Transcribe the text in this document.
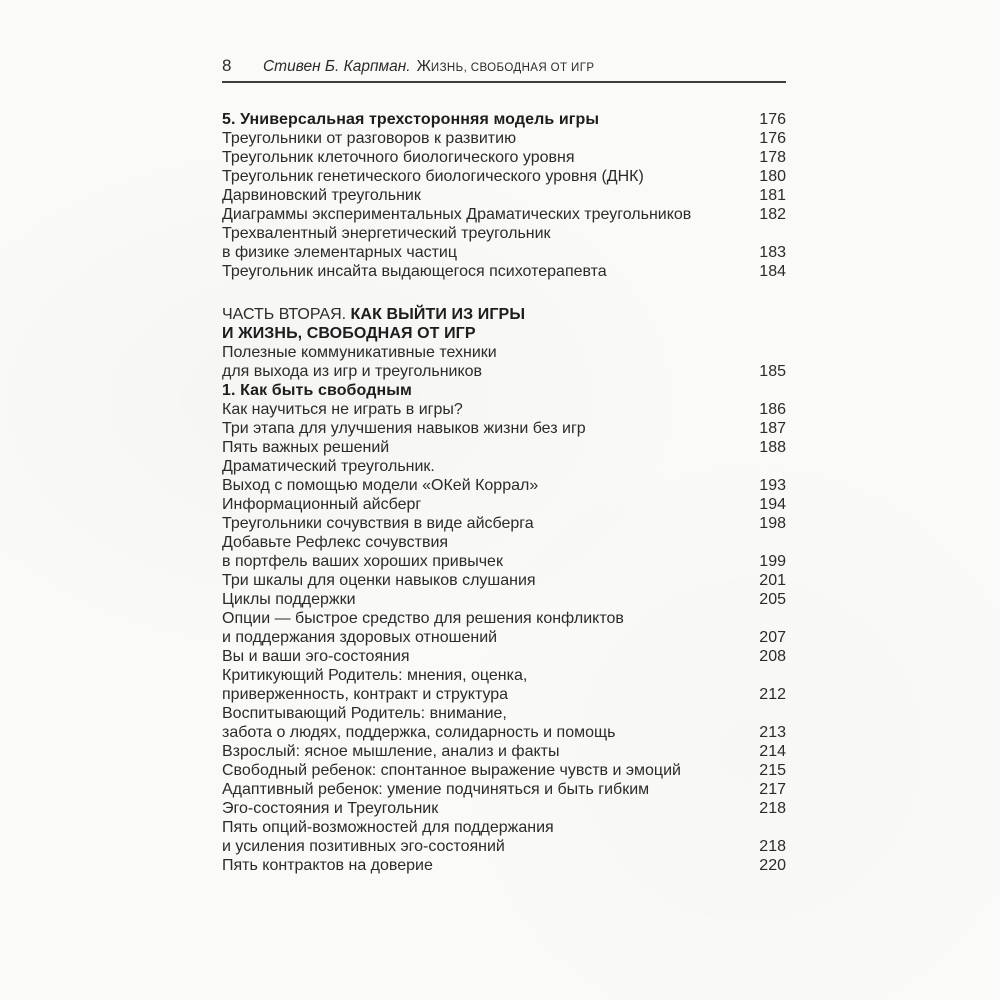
8 Стивен Б. Карпман. ЖИЗНЬ, СВОБОДНАЯ ОТ ИГР
5. Универсальная трехсторонняя модель игры	176
Треугольники от разговоров к развитию	176
Треугольник клеточного биологического уровня	178
Треугольник генетического биологического уровня (ДНК)	180
Дарвиновский треугольник	181
Диаграммы экспериментальных Драматических треугольников	182
Трехвалентный энергетический треугольник
в физике элементарных частиц	183
Треугольник инсайта выдающегося психотерапевта	184
ЧАСТЬ ВТОРАЯ. КАК ВЫЙТИ ИЗ ИГРЫ
И ЖИЗНЬ, СВОБОДНАЯ ОТ ИГР
Полезные коммуникативные техники
для выхода из игр и треугольников	185
1. Как быть свободным
Как научиться не играть в игры?	186
Три этапа для улучшения навыков жизни без игр	187
Пять важных решений	188
Драматический треугольник.
Выход с помощью модели «ОКей Коррал»	193
Информационный айсберг	194
Треугольники сочувствия в виде айсберга	198
Добавьте Рефлекс сочувствия
в портфель ваших хороших привычек	199
Три шкалы для оценки навыков слушания	201
Циклы поддержки	205
Опции — быстрое средство для решения конфликтов
и поддержания здоровых отношений	207
Вы и ваши эго-состояния	208
Критикующий Родитель: мнения, оценка,
приверженность, контракт и структура	212
Воспитывающий Родитель: внимание,
забота о людях, поддержка, солидарность и помощь	213
Взрослый: ясное мышление, анализ и факты	214
Свободный ребенок: спонтанное выражение чувств и эмоций	215
Адаптивный ребенок: умение подчиняться и быть гибким	217
Эго-состояния и Треугольник	218
Пять опций-возможностей для поддержания
и усиления позитивных эго-состояний	218
Пять контрактов на доверие	220
